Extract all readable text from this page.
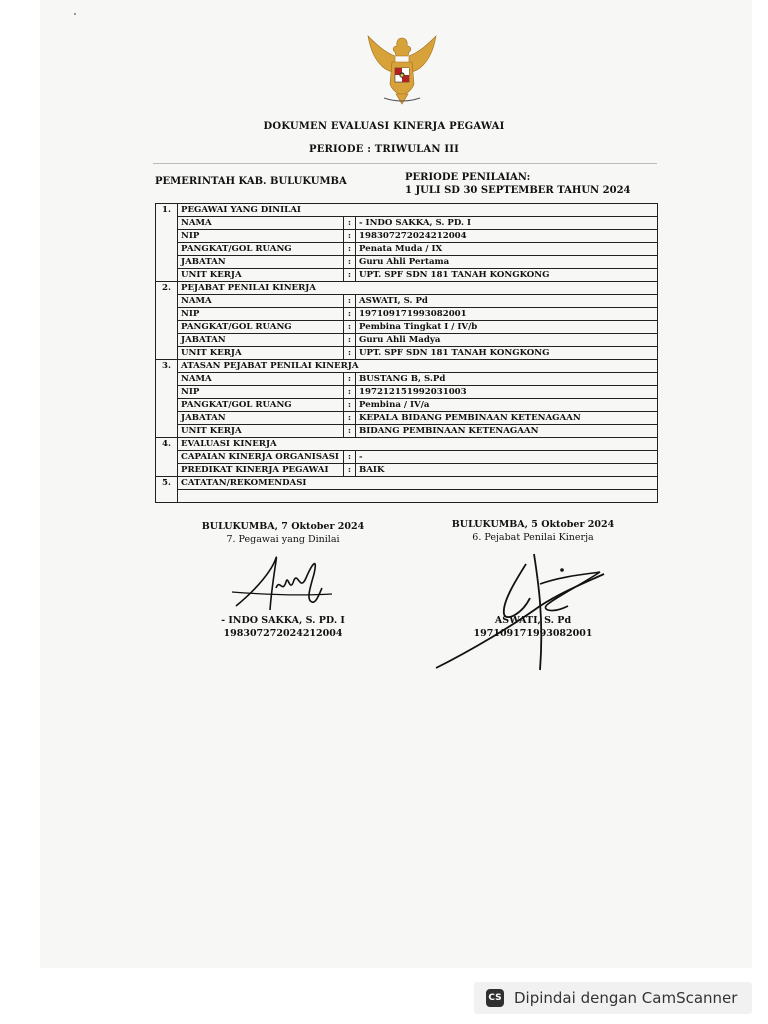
DOKUMEN EVALUASI KINERJA PEGAWAI
PERIODE : TRIWULAN III
PEMERINTAH KAB. BULUKUMBA	PERIODE PENILAIAN:
1 JULI SD 30 SEPTEMBER TAHUN 2024
1.	PEGAWAI YANG DINILAI		
	NAMA	:	- INDO SAKKA, S. PD. I
	NIP	:	198307272024212004
	PANGKAT/GOL RUANG	:	Penata Muda / IX
	JABATAN	:	Guru Ahli Pertama
	UNIT KERJA	:	UPT. SPF SDN 181 TANAH KONGKONG
2.	PEJABAT PENILAI KINERJA		
	NAMA	:	ASWATI, S. Pd
	NIP	:	197109171993082001
	PANGKAT/GOL RUANG	:	Pembina Tingkat I / IV/b
	JABATAN	:	Guru Ahli Madya
	UNIT KERJA	:	UPT. SPF SDN 181 TANAH KONGKONG
3.	ATASAN PEJABAT PENILAI KINERJA		
	NAMA	:	BUSTANG B, S.Pd
	NIP	:	197212151992031003
	PANGKAT/GOL RUANG	:	Pembina / IV/a
	JABATAN	:	KEPALA BIDANG PEMBINAAN KETENAGAAN
	UNIT KERJA	:	BIDANG PEMBINAAN KETENAGAAN
4.	EVALUASI KINERJA		
	CAPAIAN KINERJA ORGANISASI	:	-
	PREDIKAT KINERJA PEGAWAI	:	BAIK
5.	CATATAN/REKOMENDASI		

BULUKUMBA, 7 Oktober 2024
7. Pegawai yang Dinilai
- INDO SAKKA, S. PD. I
198307272024212004
BULUKUMBA, 5 Oktober 2024
6. Pejabat Penilai Kinerja
ASWATI, S. Pd
197109171993082001
CS Dipindai dengan CamScanner
